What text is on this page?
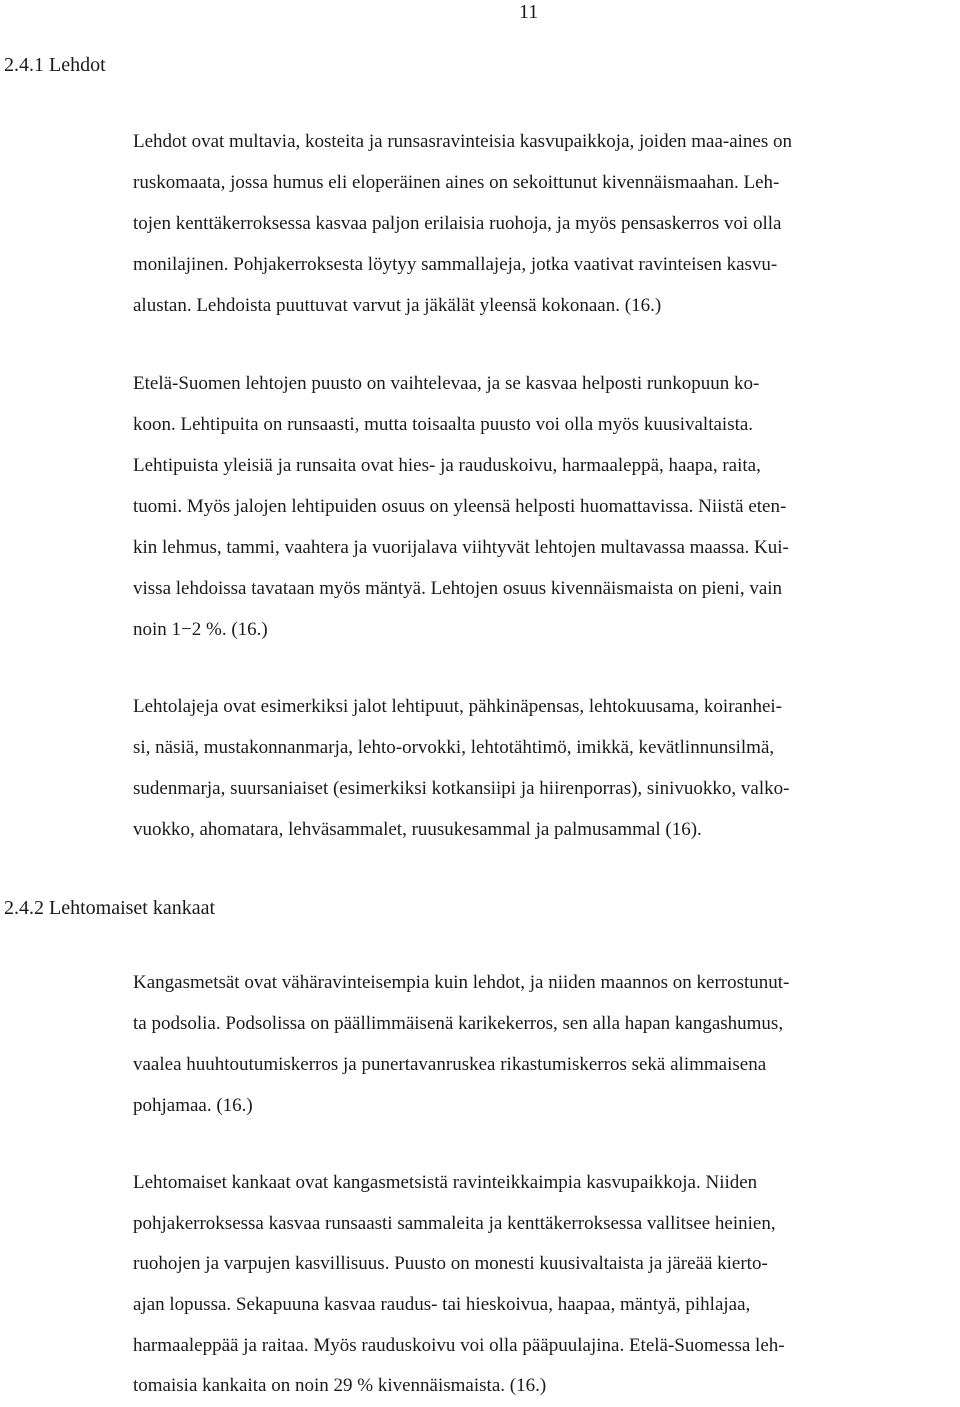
11
2.4.1 Lehdot
Lehdot ovat multavia, kosteita ja runsasravinteisia kasvupaikkoja, joiden maa-aines on
ruskomaata, jossa humus eli eloperäinen aines on sekoittunut kivennäismaahan. Leh-
tojen kenttäkerroksessa kasvaa paljon erilaisia ruohoja, ja myös pensaskerros voi olla
monilajinen. Pohjakerroksesta löytyy sammallajeja, jotka vaativat ravinteisen kasvu-
alustan. Lehdoista puuttuvat varvut ja jäkälät yleensä kokonaan. (16.)
Etelä-Suomen lehtojen puusto on vaihtelevaa, ja se kasvaa helposti runkopuun ko-
koon. Lehtipuita on runsaasti, mutta toisaalta puusto voi olla myös kuusivaltaista.
Lehtipuista yleisiä ja runsaita ovat hies- ja rauduskoivu, harmaaleppä, haapa, raita,
tuomi. Myös jalojen lehtipuiden osuus on yleensä helposti huomattavissa. Niistä eten-
kin lehmus, tammi, vaahtera ja vuorijalava viihtyvät lehtojen multavassa maassa. Kui-
vissa lehdoissa tavataan myös mäntyä. Lehtojen osuus kivennäismaista on pieni, vain
noin 1−2 %. (16.)
Lehtolajeja ovat esimerkiksi jalot lehtipuut, pähkinäpensas, lehtokuusama, koiranhei-
si, näsiä, mustakonnanmarja, lehto-orvokki, lehtotähtimö, imikkä, kevätlinnunsilmä,
sudenmarja, suursaniaiset (esimerkiksi kotkansiipi ja hiirenporras), sinivuokko, valko-
vuokko, ahomatara, lehväsammalet, ruusukesammal ja palmusammal (16).
2.4.2 Lehtomaiset kankaat
Kangasmetsät ovat vähäravinteisempia kuin lehdot, ja niiden maannos on kerrostunut-
ta podsolia. Podsolissa on päällimmäisenä karikekerros, sen alla hapan kangashumus,
vaalea huuhtoutumiskerros ja punertavanruskea rikastumiskerros sekä alimmaisena
pohjamaa. (16.)
Lehtomaiset kankaat ovat kangasmetsistä ravinteikkaimpia kasvupaikkoja. Niiden
pohjakerroksessa kasvaa runsaasti sammaleita ja kenttäkerroksessa vallitsee heinien,
ruohojen ja varpujen kasvillisuus. Puusto on monesti kuusivaltaista ja järeää kierto-
ajan lopussa. Sekapuuna kasvaa raudus- tai hieskoivua, haapaa, mäntyä, pihlajaa,
harmaaleppää ja raitaa. Myös rauduskoivu voi olla pääpuulajina. Etelä-Suomessa leh-
tomaisia kankaita on noin 29 % kivennäismaista. (16.)
